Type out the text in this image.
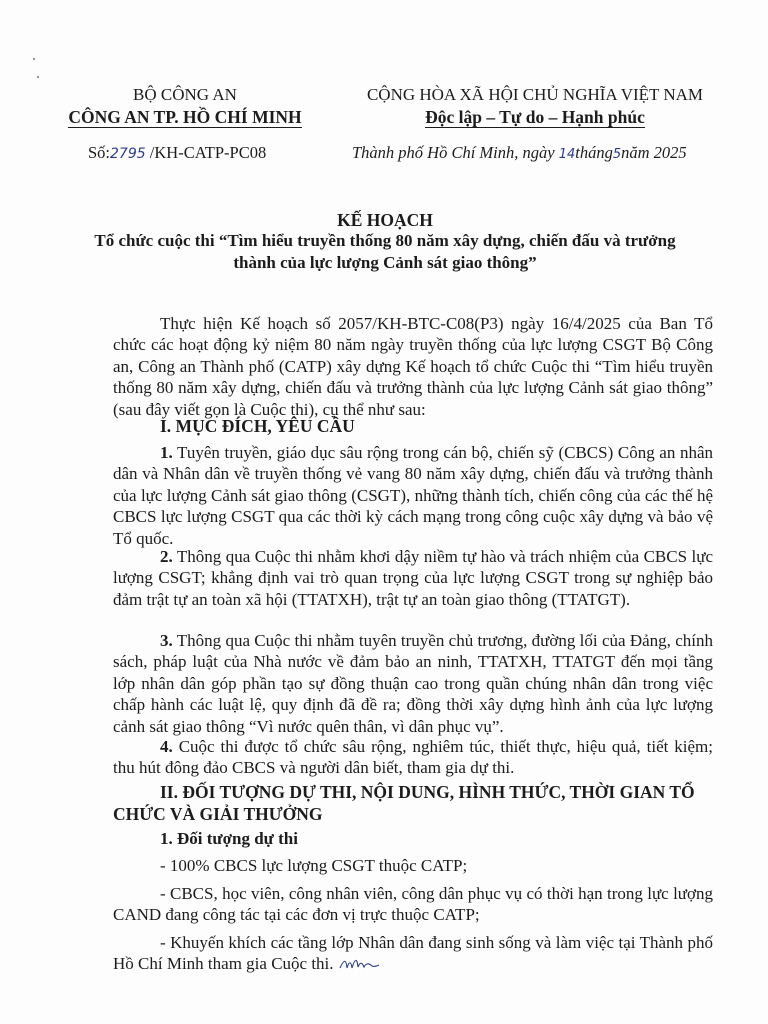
BỘ CÔNG AN
CÔNG AN TP. HỒ CHÍ MINH
CỘNG HÒA XÃ HỘI CHỦ NGHĨA VIỆT NAM
Độc lập – Tự do – Hạnh phúc
Số:2795 /KH-CATP-PC08	Thành phố Hồ Chí Minh, ngày 14tháng5năm 2025
KẾ HOẠCH
Tổ chức cuộc thi “Tìm hiểu truyền thống 80 năm xây dựng, chiến đấu và trưởng thành của lực lượng Cảnh sát giao thông”

Thực hiện Kế hoạch số 2057/KH-BTC-C08(P3) ngày 16/4/2025 của Ban Tổ chức các hoạt động kỷ niệm 80 năm ngày truyền thống của lực lượng CSGT Bộ Công an, Công an Thành phố (CATP) xây dựng Kế hoạch tổ chức Cuộc thi “Tìm hiểu truyền thống 80 năm xây dựng, chiến đấu và trưởng thành của lực lượng Cảnh sát giao thông” (sau đây viết gọn là Cuộc thi), cụ thể như sau:

I. MỤC ĐÍCH, YÊU CẦU

1. Tuyên truyền, giáo dục sâu rộng trong cán bộ, chiến sỹ (CBCS) Công an nhân dân và Nhân dân về truyền thống vẻ vang 80 năm xây dựng, chiến đấu và trưởng thành của lực lượng Cảnh sát giao thông (CSGT), những thành tích, chiến công của các thế hệ CBCS lực lượng CSGT qua các thời kỳ cách mạng trong công cuộc xây dựng và bảo vệ Tổ quốc.

2. Thông qua Cuộc thi nhằm khơi dậy niềm tự hào và trách nhiệm của CBCS lực lượng CSGT; khẳng định vai trò quan trọng của lực lượng CSGT trong sự nghiệp bảo đảm trật tự an toàn xã hội (TTATXH), trật tự an toàn giao thông (TTATGT).

3. Thông qua Cuộc thi nhằm tuyên truyền chủ trương, đường lối của Đảng, chính sách, pháp luật của Nhà nước về đảm bảo an ninh, TTATXH, TTATGT đến mọi tầng lớp nhân dân góp phần tạo sự đồng thuận cao trong quần chúng nhân dân trong việc chấp hành các luật lệ, quy định đã đề ra; đồng thời xây dựng hình ảnh của lực lượng cảnh sát giao thông “Vì nước quên thân, vì dân phục vụ”.

4. Cuộc thi được tổ chức sâu rộng, nghiêm túc, thiết thực, hiệu quả, tiết kiệm; thu hút đông đảo CBCS và người dân biết, tham gia dự thi.

II. ĐỐI TƯỢNG DỰ THI, NỘI DUNG, HÌNH THỨC, THỜI GIAN TỔ CHỨC VÀ GIẢI THƯỞNG
1. Đối tượng dự thi

- 100% CBCS lực lượng CSGT thuộc CATP;

- CBCS, học viên, công nhân viên, công dân phục vụ có thời hạn trong lực lượng CAND đang công tác tại các đơn vị trực thuộc CATP;

- Khuyến khích các tầng lớp Nhân dân đang sinh sống và làm việc tại Thành phố Hồ Chí Minh tham gia Cuộc thi.
